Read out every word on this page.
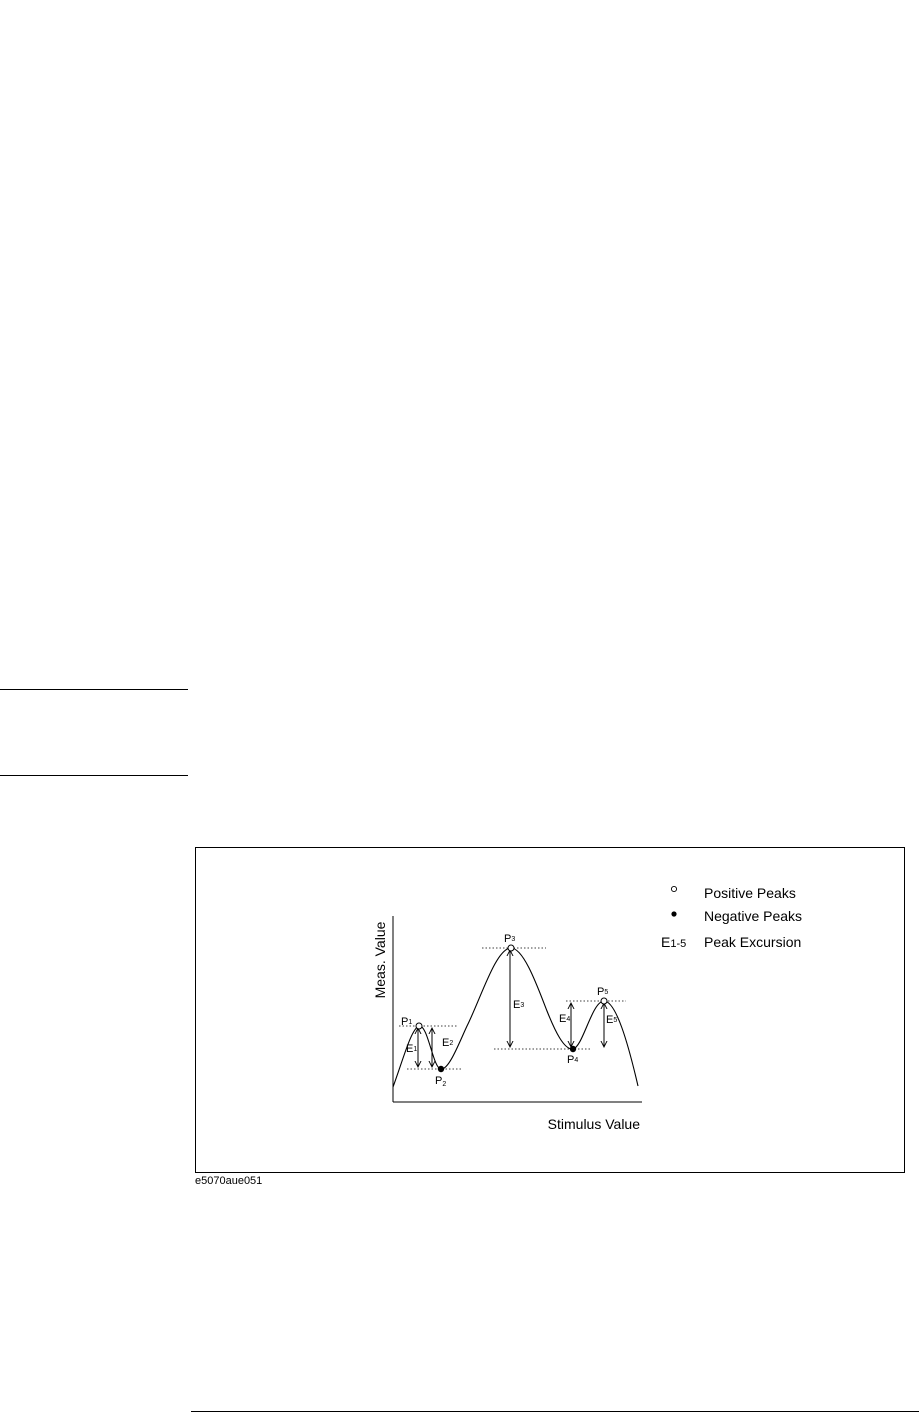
Meas. Value
Stimulus Value
P1
P2
P3
P4
P5
E1
E2
E3
E4	E5
Positive Peaks
Negative Peaks
E1-5 Peak Excursion
e5070aue051
